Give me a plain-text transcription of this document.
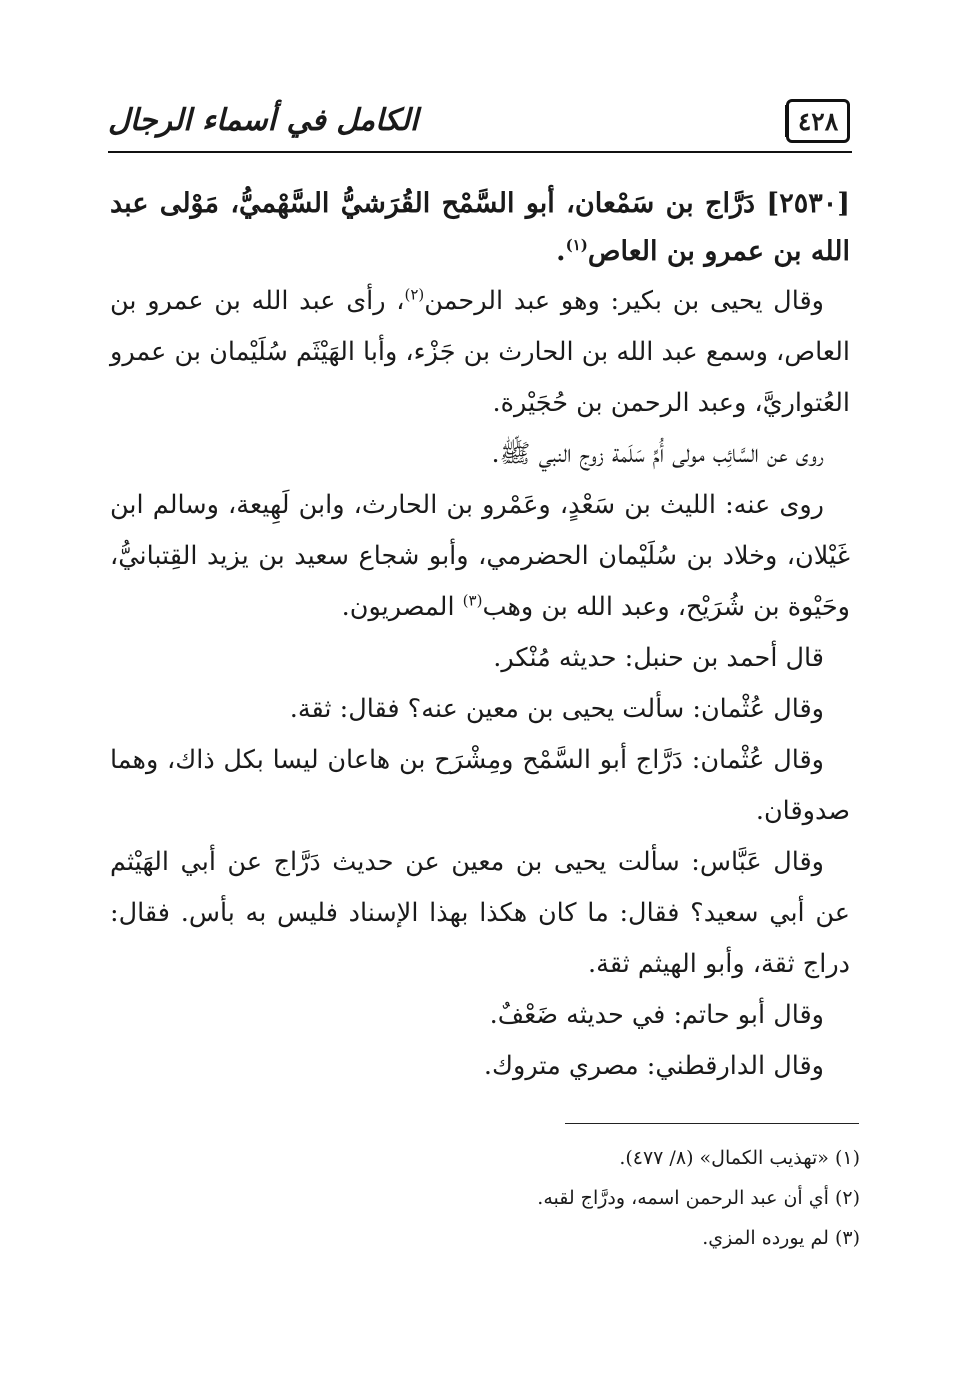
الكامل في أسماء الرجال	٤٢٨

[٢٥٣٠] دَرَّاج بن سَمْعان، أبو السَّمْح القُرَشيُّ السَّهْميُّ، مَوْلى عبد الله بن عمرو بن العاص$^{(١)}$.

وقال يحيى بن بكير: وهو عبد الرحمن$^{(٢)}$، رأى عبد الله بن عمرو بن العاص، وسمع عبد الله بن الحارث بن جَزْء، وأبا الهَيْثَم سُلَيْمان بن عمرو العُتواريَّ، وعبد الرحمن بن حُجَيْرة.

روى عن السَّائِب مولى أُمِّ سَلَمة زوج النبي ﷺ.

روى عنه: الليث بن سَعْدٍ، وعَمْرو بن الحارث، وابن لَهِيعة، وسالم ابن غَيْلان، وخلاد بن سُلَيْمان الحضرمي، وأبو شجاع سعيد بن يزيد القِتبانيُّ، وحَيْوة بن شُرَيْح، وعبد الله بن وهب$^{(٣)}$ المصريون.

قال أحمد بن حنبل: حديثه مُنْكر.

وقال عُثْمان: سألت يحيى بن معين عنه؟ فقال: ثقة.

وقال عُثْمان: دَرَّاج أبو السَّمْح ومِشْرَح بن هاعان ليسا بكل ذاك، وهما صدوقان.

وقال عَبَّاس: سألت يحيى بن معين عن حديث دَرَّاج عن أبي الهَيْثم عن أبي سعيد؟ فقال: ما كان هكذا بهذا الإسناد فليس به بأس. فقال: دراج ثقة، وأبو الهيثم ثقة.

وقال أبو حاتم: في حديثه ضَعْفٌ.

وقال الدارقطني: مصري متروك.

(١) «تهذيب الكمال» (٨/ ٤٧٧).
(٢) أي أن عبد الرحمن اسمه، ودرَّاج لقبه.
(٣) لم يورده المزي.
